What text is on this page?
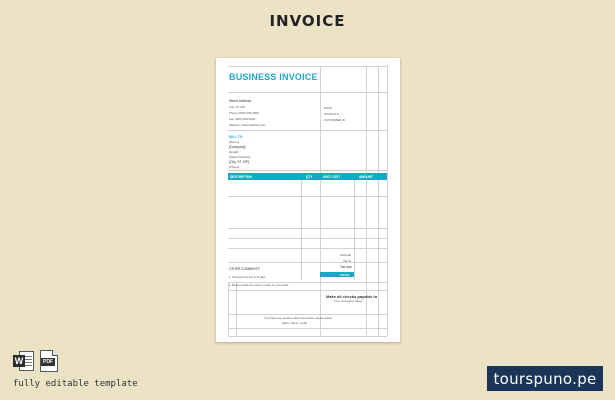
INVOICE
BUSINESS INVOICE
Street Address
City, ST ZIP
Phone (000) 000-0000
Fax (000) 000-0000
Website: www.website.com
DATE
INVOICE #
CUSTOMER ID
BILL TO
[Name]
[Company]
[Email]
[Street Address]
[City, ST ZIP]
[Phone]
DESCRIPTION	QTY	UNIT COST	AMOUNT
Subtotal
Tax %
Tax due
TOTAL
OTHER COMMENTS
1. Total payment due in 30 days
2. Please include the invoice number on your check
Make all checks payable to
Your Company Name
If you have any questions about this invoice, please contact
[Name, Phone, email]
W	PDF
fully editable template	tourspuno.pe
